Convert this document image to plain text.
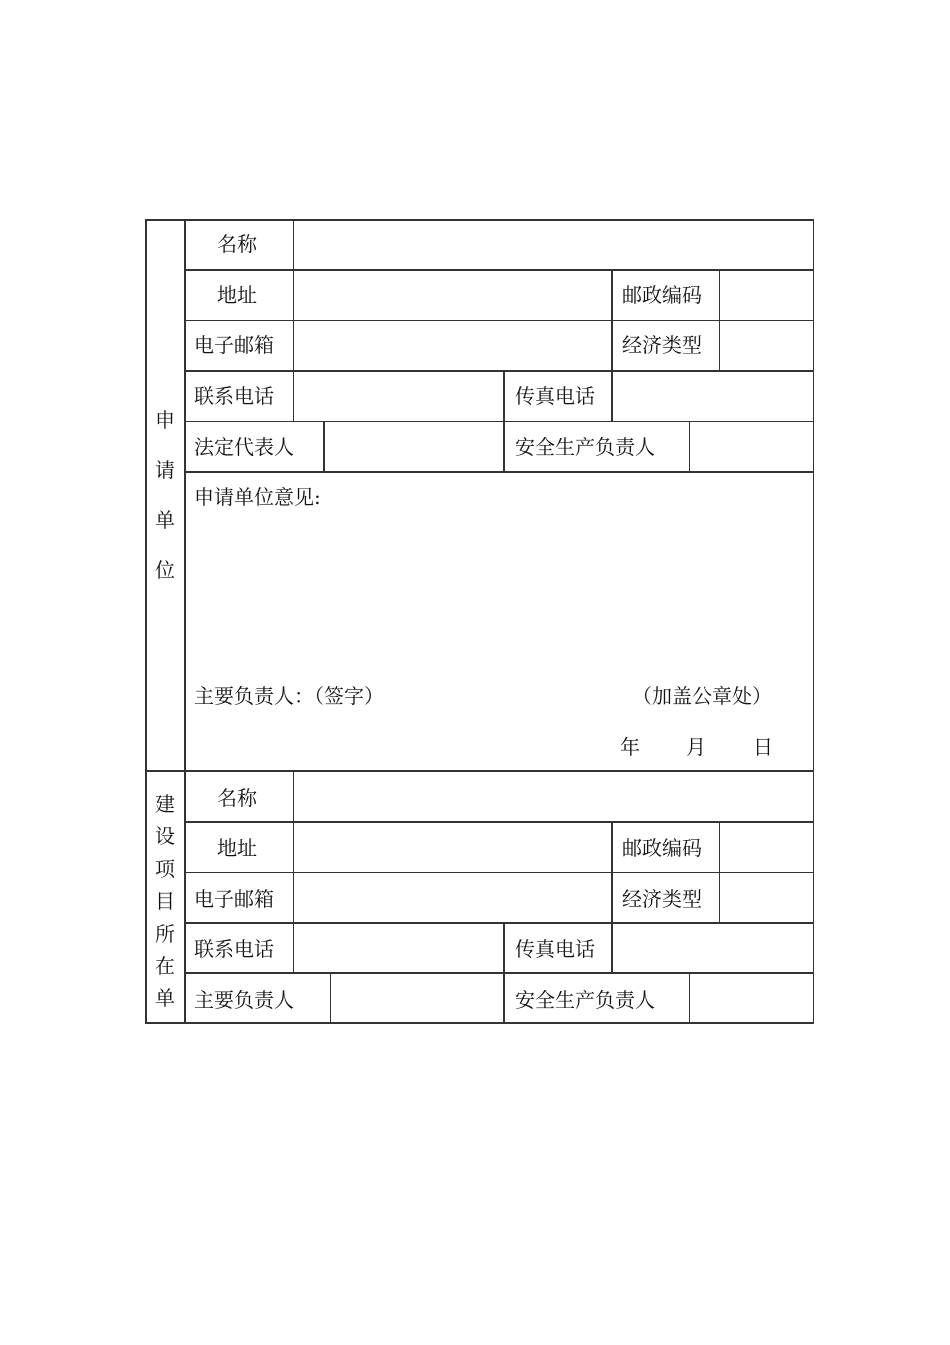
申
请
单
位
名称
地址	邮政编码
电子邮箱	经济类型
联系电话	传真电话
法定代表人	安全生产负责人
申请单位意见:
主要负责人：（签字）	（加盖公章处）
年 月 日
建
设
项
目
所
在
单
名称
地址	邮政编码
电子邮箱	经济类型
联系电话	传真电话
主要负责人	安全生产负责人
